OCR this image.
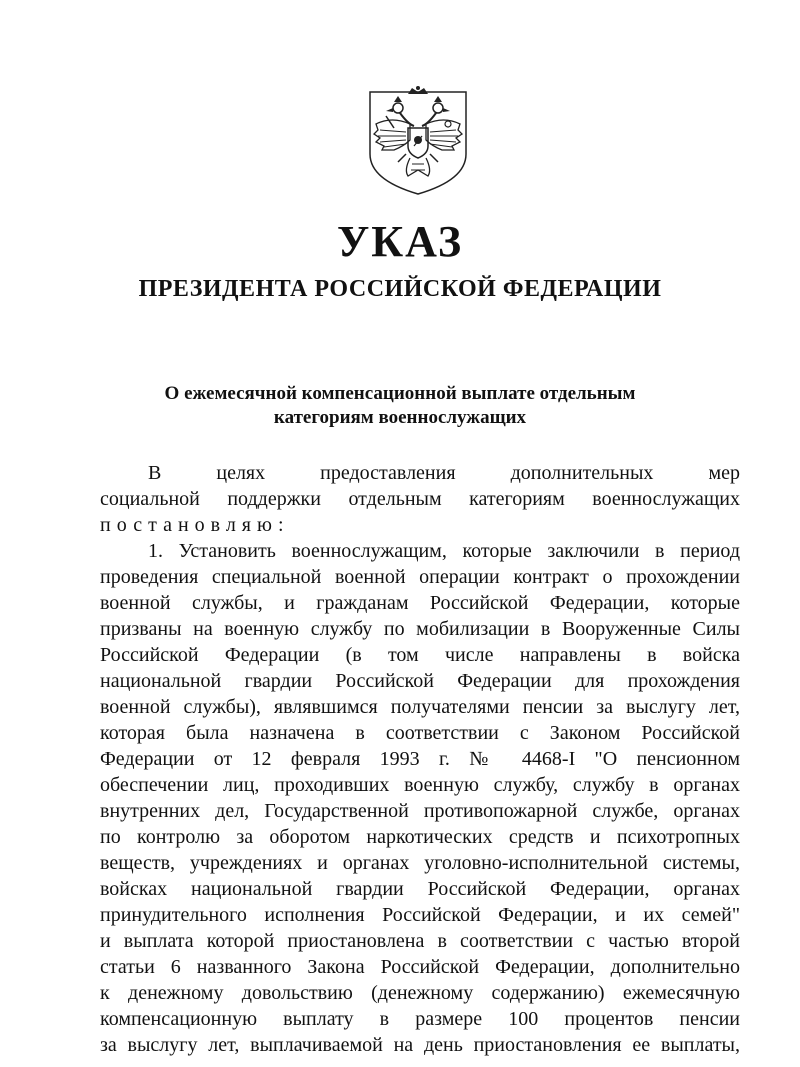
УКАЗ
ПРЕЗИДЕНТА РОССИЙСКОЙ ФЕДЕРАЦИИ
О ежемесячной компенсационной выплате отдельным
категориям военнослужащих
В целях предоставления дополнительных мер
социальной поддержки отдельным категориям военнослужащих
постановляю:
1. Установить военнослужащим, которые заключили в период
проведения специальной военной операции контракт о прохождении
военной службы, и гражданам Российской Федерации, которые
призваны на военную службу по мобилизации в Вооруженные Силы
Российской Федерации (в том числе направлены в войска
национальной гвардии Российской Федерации для прохождения
военной службы), являвшимся получателями пенсии за выслугу лет,
которая была назначена в соответствии с Законом Российской
Федерации от 12 февраля 1993 г. № 4468-I "О пенсионном
обеспечении лиц, проходивших военную службу, службу в органах
внутренних дел, Государственной противопожарной службе, органах
по контролю за оборотом наркотических средств и психотропных
веществ, учреждениях и органах уголовно-исполнительной системы,
войсках национальной гвардии Российской Федерации, органах
принудительного исполнения Российской Федерации, и их семей"
и выплата которой приостановлена в соответствии с частью второй
статьи 6 названного Закона Российской Федерации, дополнительно
к денежному довольствию (денежному содержанию) ежемесячную
компенсационную выплату в размере 100 процентов пенсии
за выслугу лет, выплачиваемой на день приостановления ее выплаты,
